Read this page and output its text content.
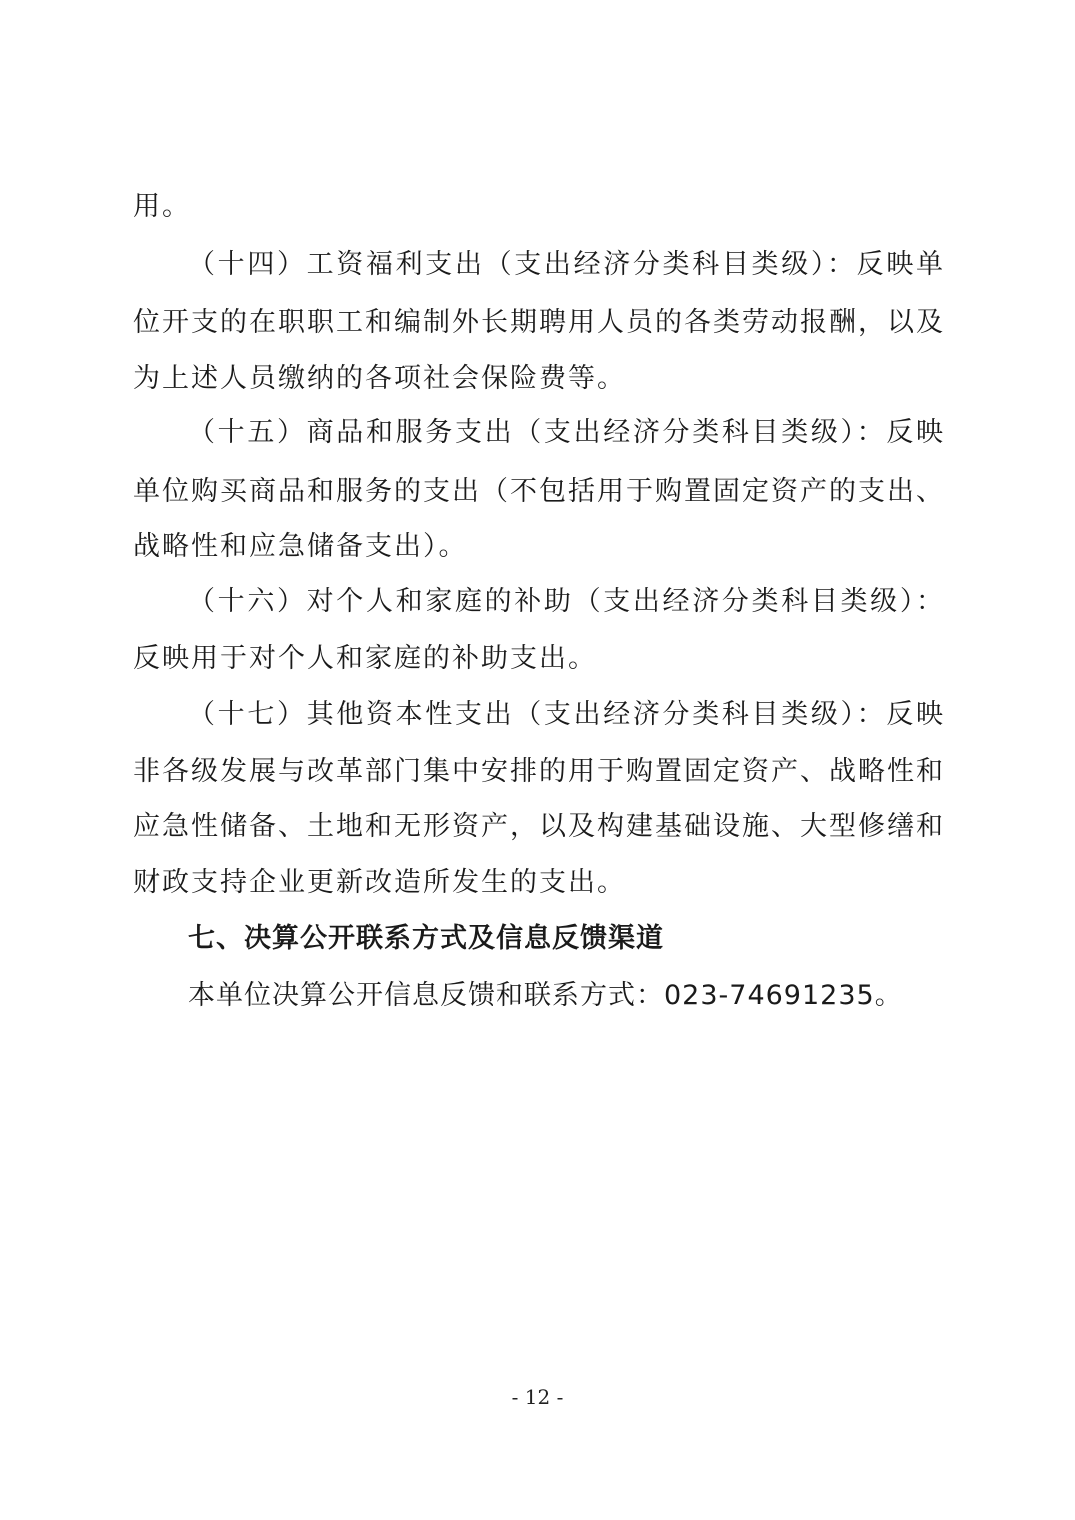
用。
（十四）工资福利支出（支出经济分类科目类级）：反映单
位开支的在职职工和编制外长期聘用人员的各类劳动报酬，以及
为上述人员缴纳的各项社会保险费等。
（十五）商品和服务支出（支出经济分类科目类级）：反映
单位购买商品和服务的支出（不包括用于购置固定资产的支出、
战略性和应急储备支出）。
（十六）对个人和家庭的补助（支出经济分类科目类级）：
反映用于对个人和家庭的补助支出。
（十七）其他资本性支出（支出经济分类科目类级）：反映
非各级发展与改革部门集中安排的用于购置固定资产、战略性和
应急性储备、土地和无形资产，以及构建基础设施、大型修缮和
财政支持企业更新改造所发生的支出。
七、决算公开联系方式及信息反馈渠道
本单位决算公开信息反馈和联系方式：023-74691235。
- 12 -
